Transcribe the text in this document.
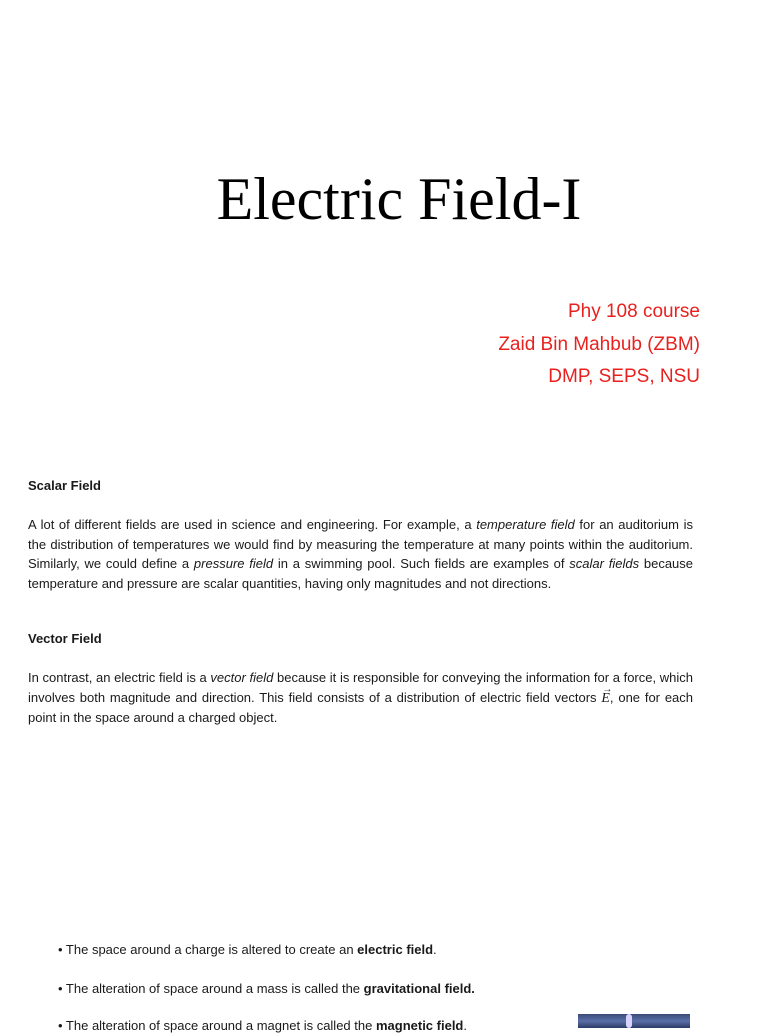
Electric Field-I
Phy 108 course
Zaid Bin Mahbub (ZBM)
DMP, SEPS, NSU
Scalar Field

A lot of different fields are used in science and engineering. For example, a temperature field for an auditorium is the distribution of temperatures we would find by measuring the temperature at many points within the auditorium. Similarly, we could define a pressure field in a swimming pool. Such fields are examples of scalar fields because temperature and pressure are scalar quantities, having only magnitudes and not directions.

Vector Field

In contrast, an electric field is a vector field because it is responsible for conveying the information for a force, which involves both magnitude and direction. This field consists of a distribution of electric field vectors
→
E, one for each point in the space around a charged object.

• The space around a charge is altered to create an electric field.
• The alteration of space around a mass is called the gravitational field.
• The alteration of space around a magnet is called the magnetic field.
